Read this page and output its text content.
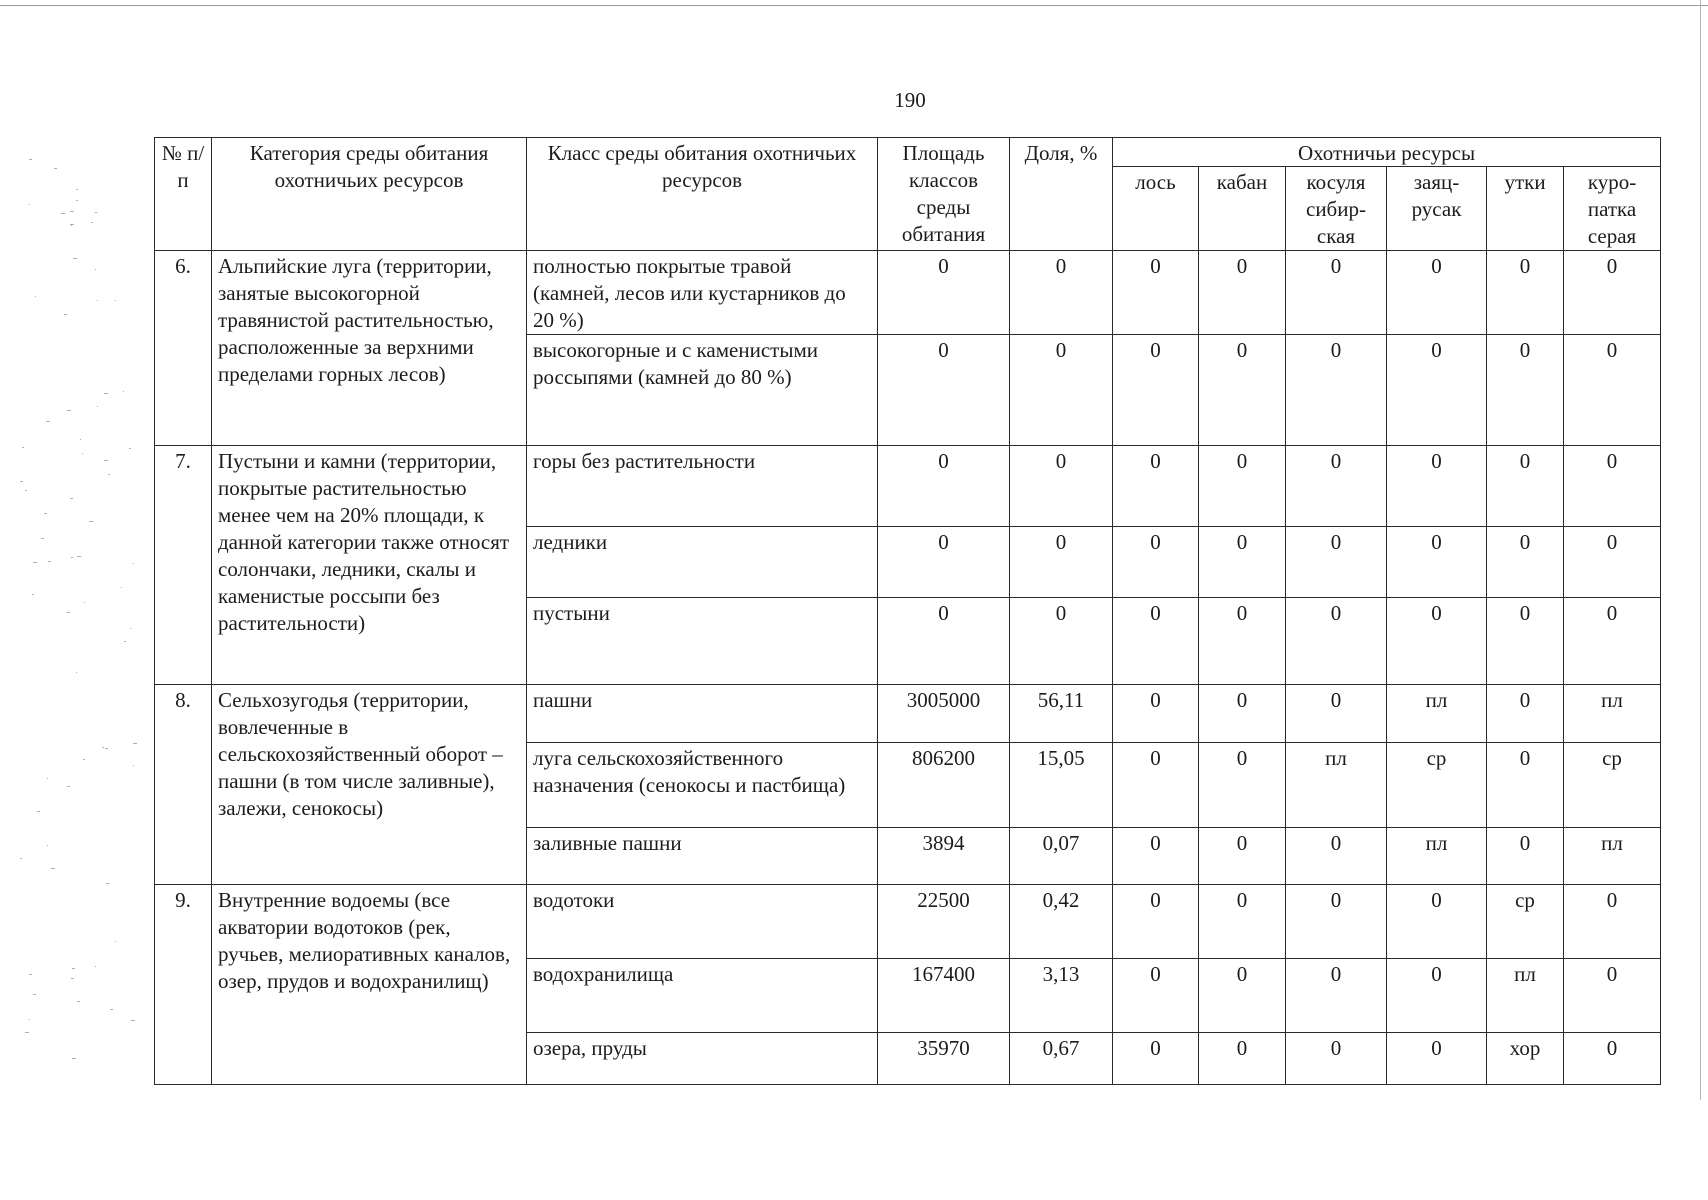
190
№ п/п	Категория среды обитания охотничьих ресурсов	Класс среды обитания охотничьих ресурсов	Площадь классов среды обитания	Доля, %	Охотничьи ресурсы					
					лось	кабан	косуля сибир-ская	заяц-русак	утки	куро-патка серая
6.	Альпийские луга (территории, занятые высокогорной травянистой растительностью, расположенные за верхними пределами горных лесов)	полностью покрытые травой (камней, лесов или кустарников до 20 %)	0	0	0	0	0	0	0	0
		высокогорные и с каменистыми россыпями (камней до 80 %)	0	0	0	0	0	0	0	0
7.	Пустыни и камни (территории, покрытые растительностью менее чем на 20% площади, к данной категории также относят солончаки, ледники, скалы и каменистые россыпи без растительности)	горы без растительности	0	0	0	0	0	0	0	0
		ледники	0	0	0	0	0	0	0	0
		пустыни	0	0	0	0	0	0	0	0
8.	Сельхозугодья (территории, вовлеченные в сельскохозяйственный оборот – пашни (в том числе заливные), залежи, сенокосы)	пашни	3005000	56,11	0	0	0	пл	0	пл
		луга сельскохозяйственного назначения (сенокосы и пастбища)	806200	15,05	0	0	пл	ср	0	ср
		заливные пашни	3894	0,07	0	0	0	пл	0	пл
9.	Внутренние водоемы (все акватории водотоков (рек, ручьев, мелиоративных каналов, озер, прудов и водохранилищ)	водотоки	22500	0,42	0	0	0	0	ср	0
		водохранилища	167400	3,13	0	0	0	0	пл	0
		озера, пруды	35970	0,67	0	0	0	0	хор	0
